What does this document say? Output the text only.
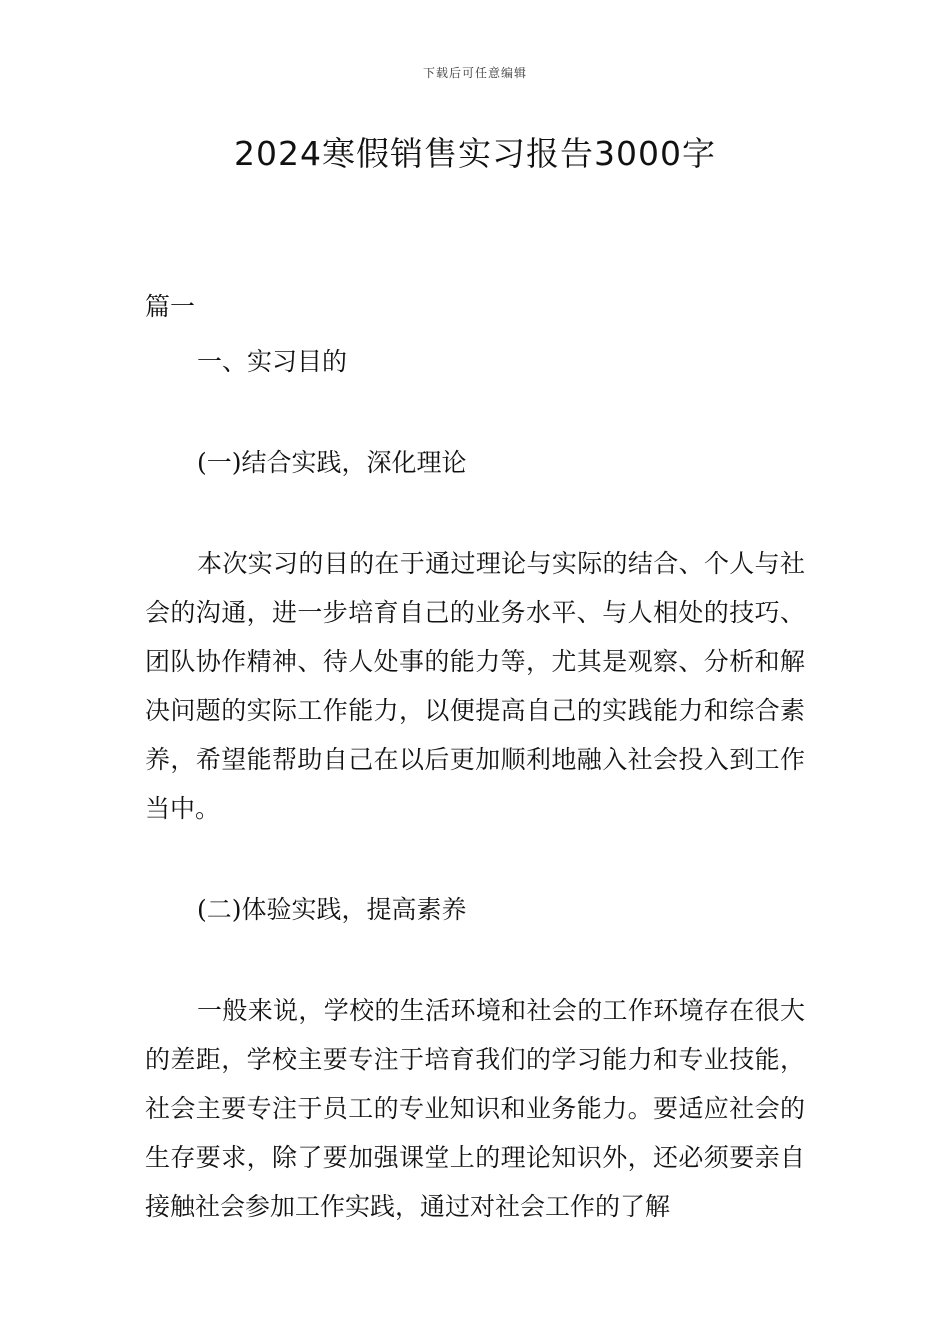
下载后可任意编辑
2024寒假销售实习报告3000字

篇一

一、实习目的

(一)结合实践，深化理论

本次实习的目的在于通过理论与实际的结合、个人与社会的沟通，进一步培育自己的业务水平、与人相处的技巧、团队协作精神、待人处事的能力等，尤其是观察、分析和解决问题的实际工作能力，以便提高自己的实践能力和综合素养，希望能帮助自己在以后更加顺利地融入社会投入到工作当中。

(二)体验实践，提高素养

一般来说，学校的生活环境和社会的工作环境存在很大的差距，学校主要专注于培育我们的学习能力和专业技能，社会主要专注于员工的专业知识和业务能力。要适应社会的生存要求，除了要加强课堂上的理论知识外，还必须要亲自接触社会参加工作实践，通过对社会工作的了解
